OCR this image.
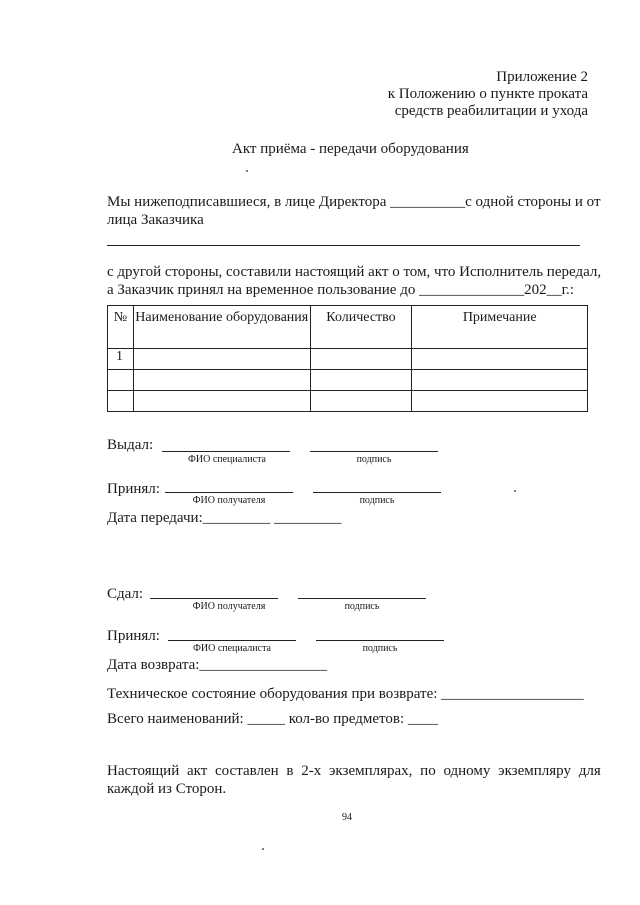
Приложение 2
к Положению о пункте проката
средств реабилитации и ухода
Акт приёма - передачи оборудования
Мы нижеподписавшиеся, в лице Директора __________с одной стороны и от
лица Заказчика
с другой стороны, составили настоящий акт о том, что Исполнитель передал,
а Заказчик принял на временное пользование до ______________202__г.:
№	Наименование оборудования	Количество	Примечание
1			

Выдал:
ФИО специалиста	подпись
Принял:
ФИО получателя	подпись
Дата передачи:_________ _________
Сдал:
ФИО получателя	подпись
Принял:
ФИО специалиста	подпись
Дата возврата:_________________
Техническое состояние оборудования при возврате: ___________________
Всего наименований: _____ кол-во предметов: ____
Настоящий акт составлен в 2-х экземплярах, по одному экземпляру для
каждой из Сторон.
94
